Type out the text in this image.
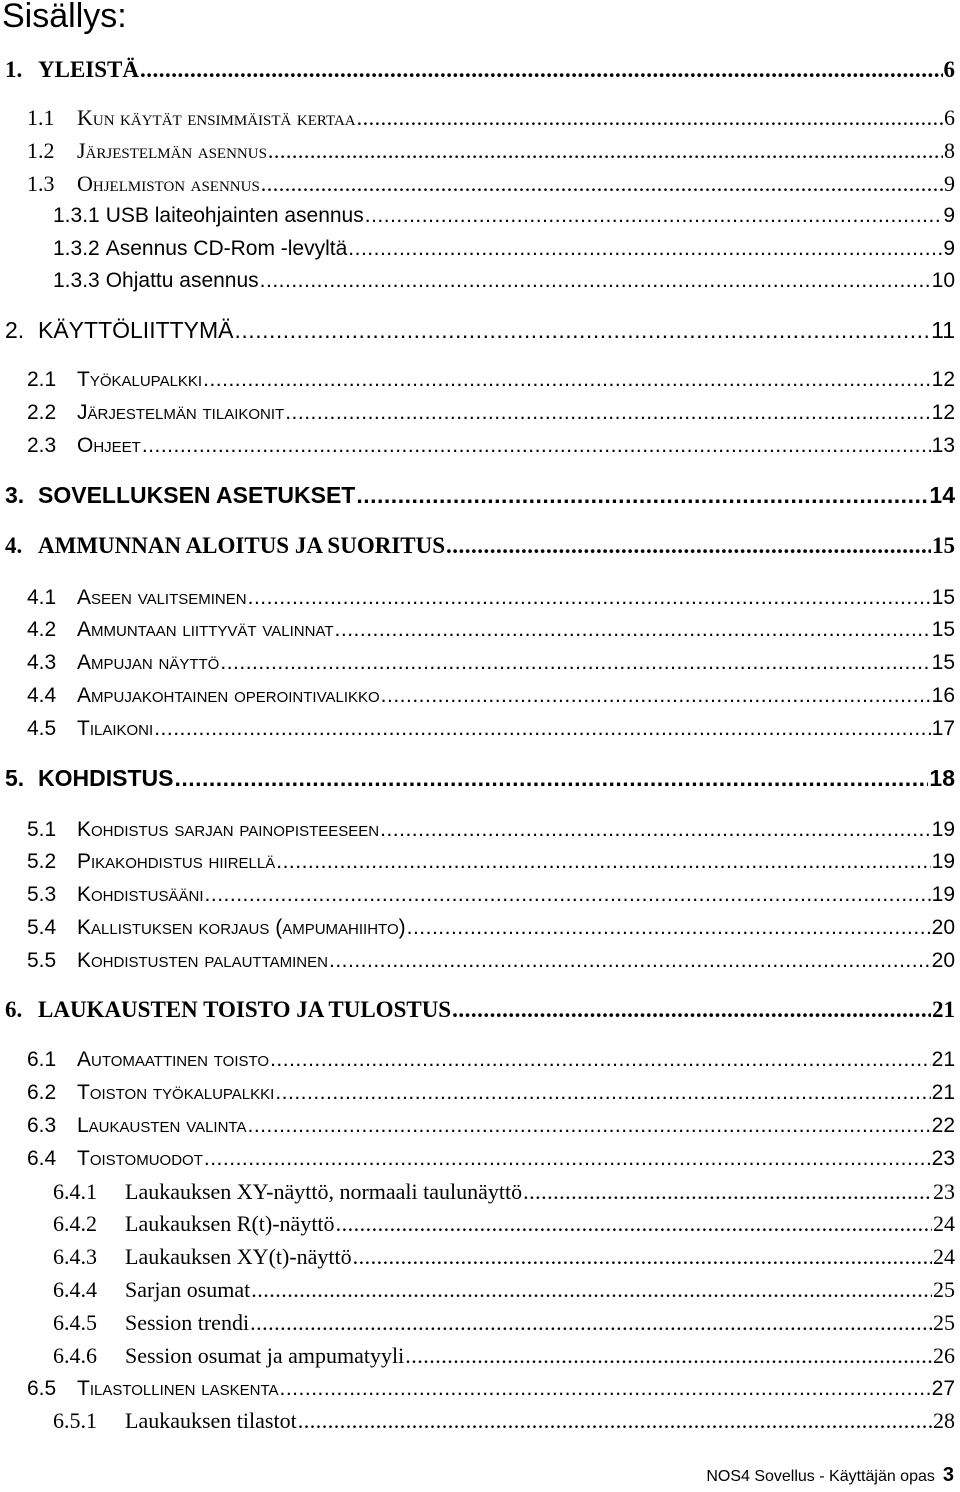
Sisällys:
1. YLEISTÄ .....	6
1.1	Kun käytät ensimmäistä kertaa .....	6
1.2	Järjestelmän asennus .....	8
1.3	Ohjelmiston asennus .....	9
1.3.1 USB laiteohjainten asennus .....	9
1.3.2 Asennus CD-Rom -levyltä .....	9
1.3.3 Ohjattu asennus .....	10
2. KÄYTTÖLIITTYMÄ .....	11
2.1 Työkalupalkki .....	12
2.2 Järjestelmän tilaikonit .....	12
2.3 Ohjeet .....	13
3. SOVELLUKSEN ASETUKSET .....	14
4. AMMUNNAN ALOITUS JA SUORITUS .....	15
4.1 Aseen valitseminen .....	15
4.2 Ammuntaan liittyvät valinnat .....	15
4.3 Ampujan näyttö .....	15
4.4 Ampujakohtainen operointivalikko .....	16
4.5 Tilaikoni .....	17
5. KOHDISTUS .....	18
5.1 Kohdistus sarjan painopisteeseen .....	19
5.2 Pikakohdistus hiirellä .....	19
5.3 Kohdistusääni .....	19
5.4 Kallistuksen korjaus (ampumahiihto) .....	20
5.5 Kohdistusten palauttaminen .....	20
6. LAUKAUSTEN TOISTO JA TULOSTUS .....	21
6.1 Automaattinen toisto .....	21
6.2 Toiston työkalupalkki .....	21
6.3 Laukausten valinta .....	22
6.4 Toistomuodot .....	23
6.4.1	Laukauksen XY-näyttö, normaali taulunäyttö .....	23
6.4.2	Laukauksen R(t)-näyttö .....	24
6.4.3	Laukauksen XY(t)-näyttö .....	24
6.4.4	Sarjan osumat .....	25
6.4.5	Session trendi .....	25
6.4.6	Session osumat ja ampumatyyli .....	26
6.5 Tilastollinen laskenta .....	27
6.5.1	Laukauksen tilastot .....	28
NOS4 Sovellus - Käyttäjän opas 3
